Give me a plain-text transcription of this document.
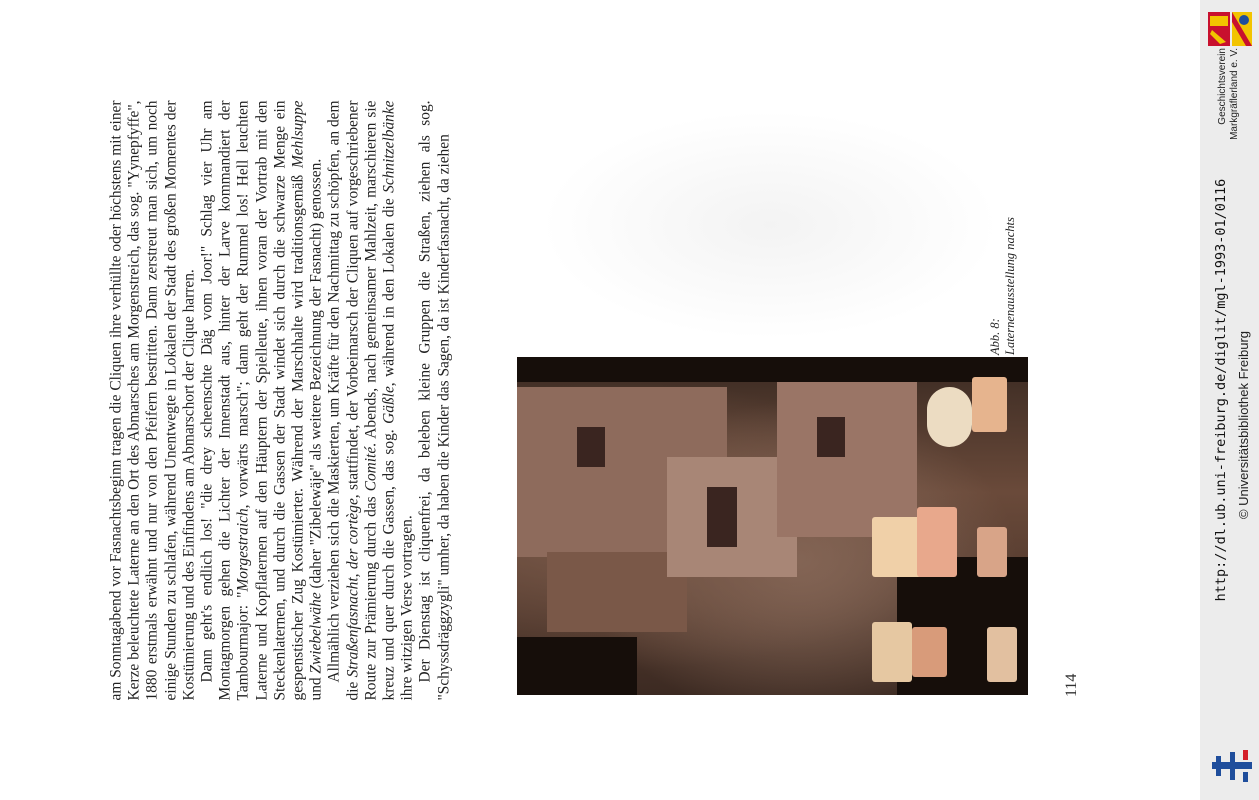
am Sonntagabend vor Fasnachtsbeginn tragen die Cliquen ihre verhüllte oder höchstens mit einer Kerze beleuchtete Laterne an den Ort des Abmarsches am Morgenstreich, das sog. "Yynepfyffe", 1880 erstmals erwähnt und nur von den Pfeifern bestritten. Dann zerstreut man sich, um noch einige Stunden zu schlafen, während Unentwegte in Lokalen der Stadt des großen Momentes der Kostümierung und des Einfindens am Abmarschort der Clique harren. Dann geht's endlich los! "die drey scheenschte Däg vom Joor!" Schlag vier Uhr am Montagmorgen gehen die Lichter der Innenstadt aus, hinter der Larve kommandiert der Tambourmajor: "Morgestraich, vorwärts marsch"; dann geht der Rummel los! Hell leuchten Laterne und Kopflaternen auf den Häuptern der Spielleute, ihnen voran der Vortrab mit den Steckenlaternen, und durch die Gassen der Stadt windet sich durch die schwarze Menge ein gespenstischer Zug Kostümierter. Während der Marschhalte wird traditionsgemäß Mehlsuppe und Zwiebelwähe (daher "Zibelewäje" als weitere Bezeichnung der Fasnacht) genossen. Allmählich verziehen sich die Maskierten, um Kräfte für den Nachmittag zu schöpfen, an dem die Straßenfasnacht, der cortège, stattfindet, der Vorbeimarsch der Cliquen auf vorgeschriebener Route zur Prämierung durch das Comité. Abends, nach gemeinsamer Mahlzeit, marschieren sie kreuz und quer durch die Gassen, das sog. Gäßle, während in den Lokalen die Schnitzelbänke ihre witzigen Verse vortragen. Der Dienstag ist cliquenfrei, da beleben kleine Gruppen die Straßen, ziehen als sog. "Schyssdräggzygli" umher, da haben die Kinder das Sagen, da ist Kinderfasnacht, da ziehen	114
Abb. 8: Laternenausstellung nachts
Geschichtsverein Markgräflerland e. V.
http://dl.ub.uni-freiburg.de/diglit/mgl-1993-01/0116 © Universitätsbibliothek Freiburg
